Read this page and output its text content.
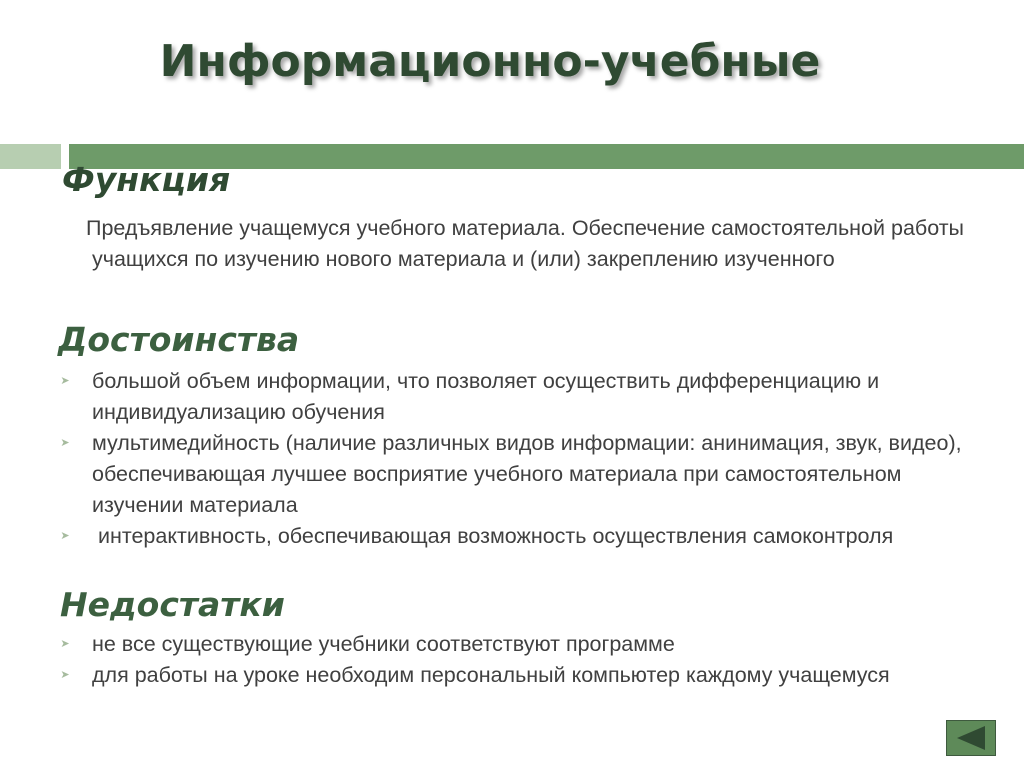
Информационно-учебные
Функция

Предъявление учащемуся учебного материала. Обеспечение самостоятельной работы учащихся по изучению нового материала и (или) закреплению изученного

Достоинства
➤ большой объем информации, что позволяет осуществить дифференциацию и индивидуализацию обучения
➤ мультимедийность (наличие различных видов информации: анинимация, звук, видео), обеспечивающая лучшее восприятие учебного материала при самостоятельном изучении материала
➤ интерактивность, обеспечивающая возможность осуществления самоконтроля
Недостатки
➤ не все существующие учебники соответствуют программе
➤ для работы на уроке необходим персональный компьютер каждому учащемуся
